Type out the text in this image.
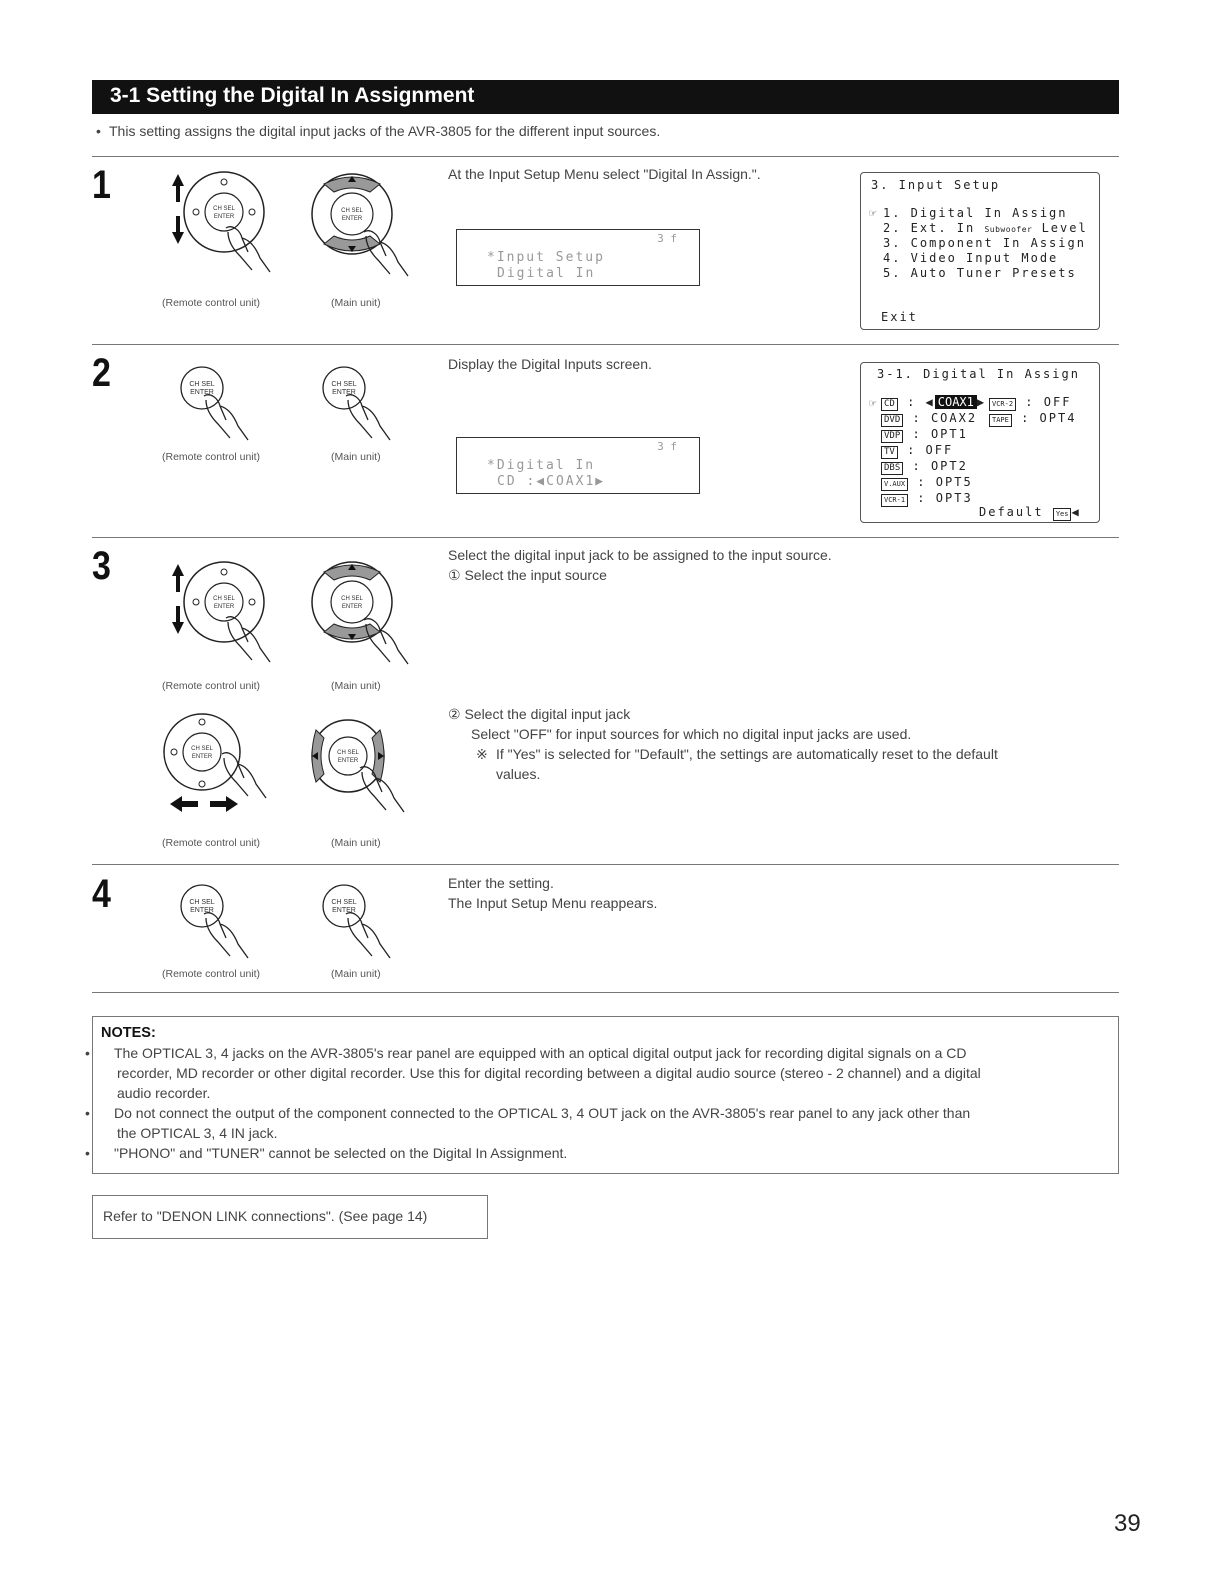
3-1 Setting the Digital In Assignment
• This setting assigns the digital input jacks of the AVR-3805 for the different input sources.
1
CH SEL
ENTER
CH SEL
ENTER
(Remote control unit)	(Main unit)
At the Input Setup Menu select "Digital In Assign.".
3 f
*Input Setup
Digital In
3. Input Setup
☞ 1. Digital In Assign
2. Ext. In Subwoofer Level
3. Component In Assign
4. Video Input Mode
5. Auto Tuner Presets
Exit
2	CH SEL
ENTER
CH SEL
ENTER
(Remote control unit)	(Main unit)
Display the Digital Inputs screen.
3 f
*Digital In
CD :◀COAX1▶
3-1. Digital In Assign
☞ CD : ◀ COAX1 ▶ VCR-2 : OFF
DVD : COAX2	TAPE : OPT4
VDP : OPT1
TV : OFF
DBS : OPT2
V.AUX : OPT5
VCR-1 : OPT3
Default Yes ◀
3
CH SEL
ENTER
CH SEL
ENTER
(Remote control unit)	(Main unit)
CH SEL
ENTER
CH SEL
ENTER
(Remote control unit)	(Main unit)
Select the digital input jack to be assigned to the input source.
① Select the input source
② Select the digital input jack
Select "OFF" for input sources for which no digital input jacks are used.
※ If "Yes" is selected for "Default", the settings are automatically reset to the default
values.
4	CH SEL
ENTER
CH SEL
ENTER
(Remote control unit)	(Main unit)
Enter the setting.
The Input Setup Menu reappears.
NOTES:
• The OPTICAL 3, 4 jacks on the AVR-3805's rear panel are equipped with an optical digital output jack for recording digital signals on a CD
recorder, MD recorder or other digital recorder. Use this for digital recording between a digital audio source (stereo - 2 channel) and a digital
audio recorder.
• Do not connect the output of the component connected to the OPTICAL 3, 4 OUT jack on the AVR-3805's rear panel to any jack other than
the OPTICAL 3, 4 IN jack.
• "PHONO" and "TUNER" cannot be selected on the Digital In Assignment.
Refer to "DENON LINK connections". (See page 14)
39
